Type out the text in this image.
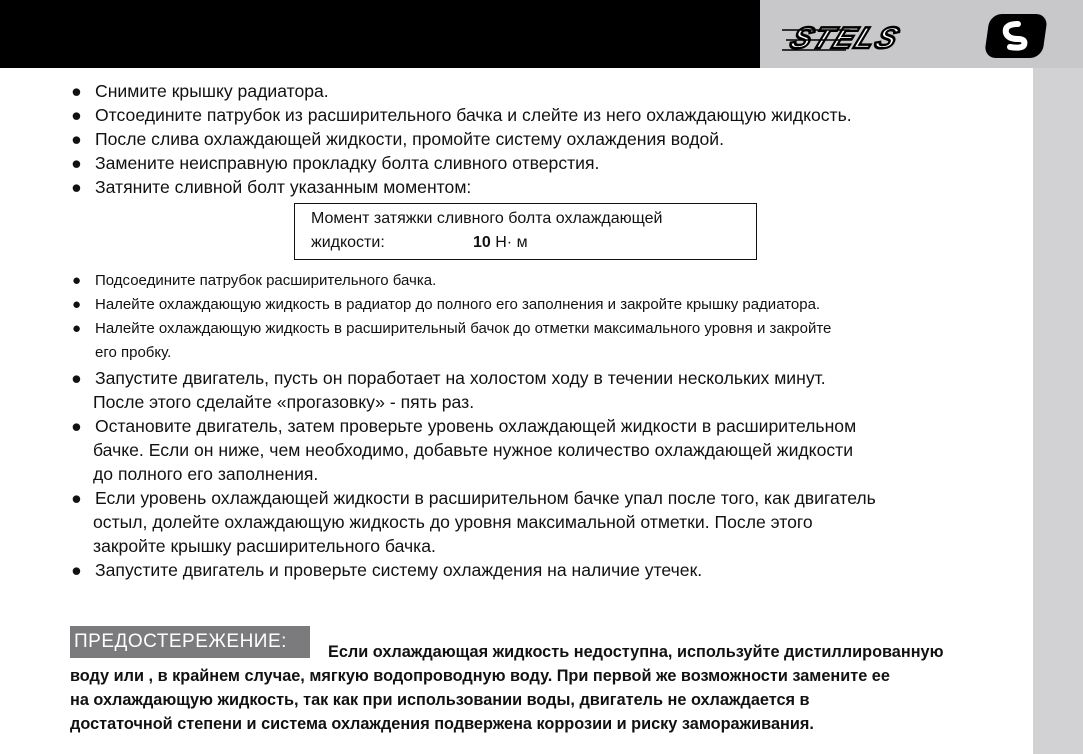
STELS
● Снимите крышку радиатора.
● Отсоедините патрубок из расширительного бачка и слейте из него охлаждающую жидкость.
● После слива охлаждающей жидкости, промойте систему охлаждения водой.
● Замените неисправную прокладку болта сливного отверстия.
● Затяните сливной болт указанным моментом:
Момент затяжки сливного болта охлаждающей
жидкости:	10 Н· м
● Подсоедините патрубок расширительного бачка.
● Налейте охлаждающую жидкость в радиатор до полного его заполнения и закройте крышку радиатора.
● Налейте охлаждающую жидкость в расширительный бачок до отметки максимального уровня и закройте
его пробку.
● Запустите двигатель, пусть он поработает на холостом ходу в течении нескольких минут.
После этого сделайте «прогазовку» - пять раз.
● Остановите двигатель, затем проверьте уровень охлаждающей жидкости в расширительном
бачке. Если он ниже, чем необходимо, добавьте нужное количество охлаждающей жидкости
до полного его заполнения.
● Если уровень охлаждающей жидкости в расширительном бачке упал после того, как двигатель
остыл, долейте охлаждающую жидкость до уровня максимальной отметки. После этого
закройте крышку расширительного бачка.
● Запустите двигатель и проверьте систему охлаждения на наличие утечек.
ПРЕДОСТЕРЕЖЕНИЕ:	Если охлаждающая жидкость недоступна, используйте дистиллированную
воду или , в крайнем случае, мягкую водопроводную воду. При первой же возможности замените ее
на охлаждающую жидкость, так как при использовании воды, двигатель не охлаждается в
достаточной степени и система охлаждения подвержена коррозии и риску замораживания.
